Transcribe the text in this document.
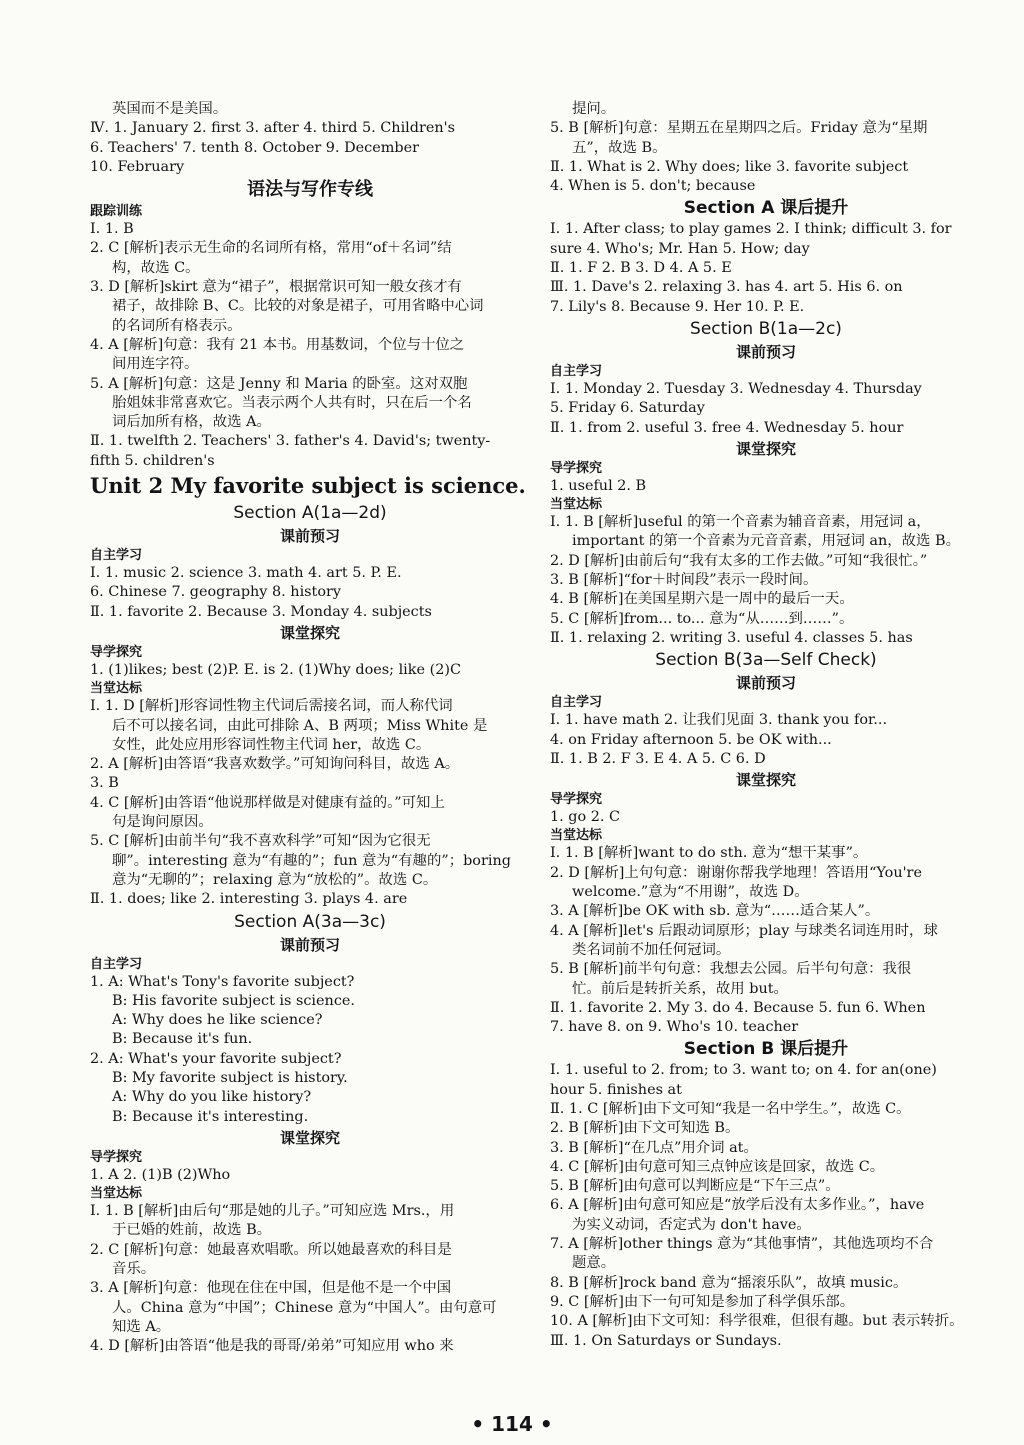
英国而不是美国。
Ⅳ. 1. January 2. first 3. after 4. third 5. Children's
6. Teachers' 7. tenth 8. October 9. December
10. February
语法与写作专线
跟踪训练
Ⅰ. 1. B
2. C [解析]表示无生命的名词所有格，常用“of＋名词”结
构，故选 C。
3. D [解析]skirt 意为“裙子”，根据常识可知一般女孩才有
裙子，故排除 B、C。比较的对象是裙子，可用省略中心词
的名词所有格表示。
4. A [解析]句意：我有 21 本书。用基数词，个位与十位之
间用连字符。
5. A [解析]句意：这是 Jenny 和 Maria 的卧室。这对双胞
胎姐妹非常喜欢它。当表示两个人共有时，只在后一个名
词后加所有格，故选 A。
Ⅱ. 1. twelfth 2. Teachers' 3. father's 4. David's; twenty-
fifth 5. children's
Unit 2 My favorite subject is science.
Section A(1a—2d)
课前预习
自主学习
Ⅰ. 1. music 2. science 3. math 4. art 5. P. E.
6. Chinese 7. geography 8. history
Ⅱ. 1. favorite 2. Because 3. Monday 4. subjects
课堂探究
导学探究
1. (1)likes; best (2)P. E. is 2. (1)Why does; like (2)C
当堂达标
Ⅰ. 1. D [解析]形容词性物主代词后需接名词，而人称代词
后不可以接名词，由此可排除 A、B 两项；Miss White 是
女性，此处应用形容词性物主代词 her，故选 C。
2. A [解析]由答语“我喜欢数学。”可知询问科目，故选 A。
3. B
4. C [解析]由答语“他说那样做是对健康有益的。”可知上
句是询问原因。
5. C [解析]由前半句“我不喜欢科学”可知“因为它很无
聊”。interesting 意为“有趣的”；fun 意为“有趣的”；boring
意为“无聊的”；relaxing 意为“放松的”。故选 C。
Ⅱ. 1. does; like 2. interesting 3. plays 4. are
Section A(3a—3c)
课前预习
自主学习
1. A: What's Tony's favorite subject?
B: His favorite subject is science.
A: Why does he like science?
B: Because it's fun.
2. A: What's your favorite subject?
B: My favorite subject is history.
A: Why do you like history?
B: Because it's interesting.
课堂探究
导学探究
1. A 2. (1)B (2)Who
当堂达标
Ⅰ. 1. B [解析]由后句“那是她的儿子。”可知应选 Mrs.，用
于已婚的姓前，故选 B。
2. C [解析]句意：她最喜欢唱歌。所以她最喜欢的科目是
音乐。
3. A [解析]句意：他现在住在中国，但是他不是一个中国
人。China 意为“中国”；Chinese 意为“中国人”。由句意可
知选 A。
4. D [解析]由答语“他是我的哥哥/弟弟”可知应用 who 来
提问。
5. B [解析]句意：星期五在星期四之后。Friday 意为“星期
五”，故选 B。
Ⅱ. 1. What is 2. Why does; like 3. favorite subject
4. When is 5. don't; because
Section A 课后提升
Ⅰ. 1. After class; to play games 2. I think; difficult 3. for
sure 4. Who's; Mr. Han 5. How; day
Ⅱ. 1. F 2. B 3. D 4. A 5. E
Ⅲ. 1. Dave's 2. relaxing 3. has 4. art 5. His 6. on
7. Lily's 8. Because 9. Her 10. P. E.
Section B(1a—2c)
课前预习
自主学习
Ⅰ. 1. Monday 2. Tuesday 3. Wednesday 4. Thursday
5. Friday 6. Saturday
Ⅱ. 1. from 2. useful 3. free 4. Wednesday 5. hour
课堂探究
导学探究
1. useful 2. B
当堂达标
Ⅰ. 1. B [解析]useful 的第一个音素为辅音音素，用冠词 a，
important 的第一个音素为元音音素，用冠词 an，故选 B。
2. D [解析]由前后句“我有太多的工作去做。”可知“我很忙。”
3. B [解析]“for＋时间段”表示一段时间。
4. B [解析]在美国星期六是一周中的最后一天。
5. C [解析]from... to... 意为“从……到……”。
Ⅱ. 1. relaxing 2. writing 3. useful 4. classes 5. has
Section B(3a—Self Check)
课前预习
自主学习
Ⅰ. 1. have math 2. 让我们见面 3. thank you for...
4. on Friday afternoon 5. be OK with...
Ⅱ. 1. B 2. F 3. E 4. A 5. C 6. D
课堂探究
导学探究
1. go 2. C
当堂达标
Ⅰ. 1. B [解析]want to do sth. 意为“想干某事”。
2. D [解析]上句句意：谢谢你帮我学地理！答语用“You're
welcome.”意为“不用谢”，故选 D。
3. A [解析]be OK with sb. 意为“……适合某人”。
4. A [解析]let's 后跟动词原形；play 与球类名词连用时，球
类名词前不加任何冠词。
5. B [解析]前半句句意：我想去公园。后半句句意：我很
忙。前后是转折关系，故用 but。
Ⅱ. 1. favorite 2. My 3. do 4. Because 5. fun 6. When
7. have 8. on 9. Who's 10. teacher
Section B 课后提升
Ⅰ. 1. useful to 2. from; to 3. want to; on 4. for an(one)
hour 5. finishes at
Ⅱ. 1. C [解析]由下文可知“我是一名中学生。”，故选 C。
2. B [解析]由下文可知选 B。
3. B [解析]“在几点”用介词 at。
4. C [解析]由句意可知三点钟应该是回家，故选 C。
5. B [解析]由句意可以判断应是“下午三点”。
6. A [解析]由句意可知应是“放学后没有太多作业。”，have
为实义动词，否定式为 don't have。
7. A [解析]other things 意为“其他事情”，其他选项均不合
题意。
8. B [解析]rock band 意为“摇滚乐队”，故填 music。
9. C [解析]由下一句可知是参加了科学俱乐部。
10. A [解析]由下文可知：科学很难，但很有趣。but 表示转折。
Ⅲ. 1. On Saturdays or Sundays.
• 114 •
